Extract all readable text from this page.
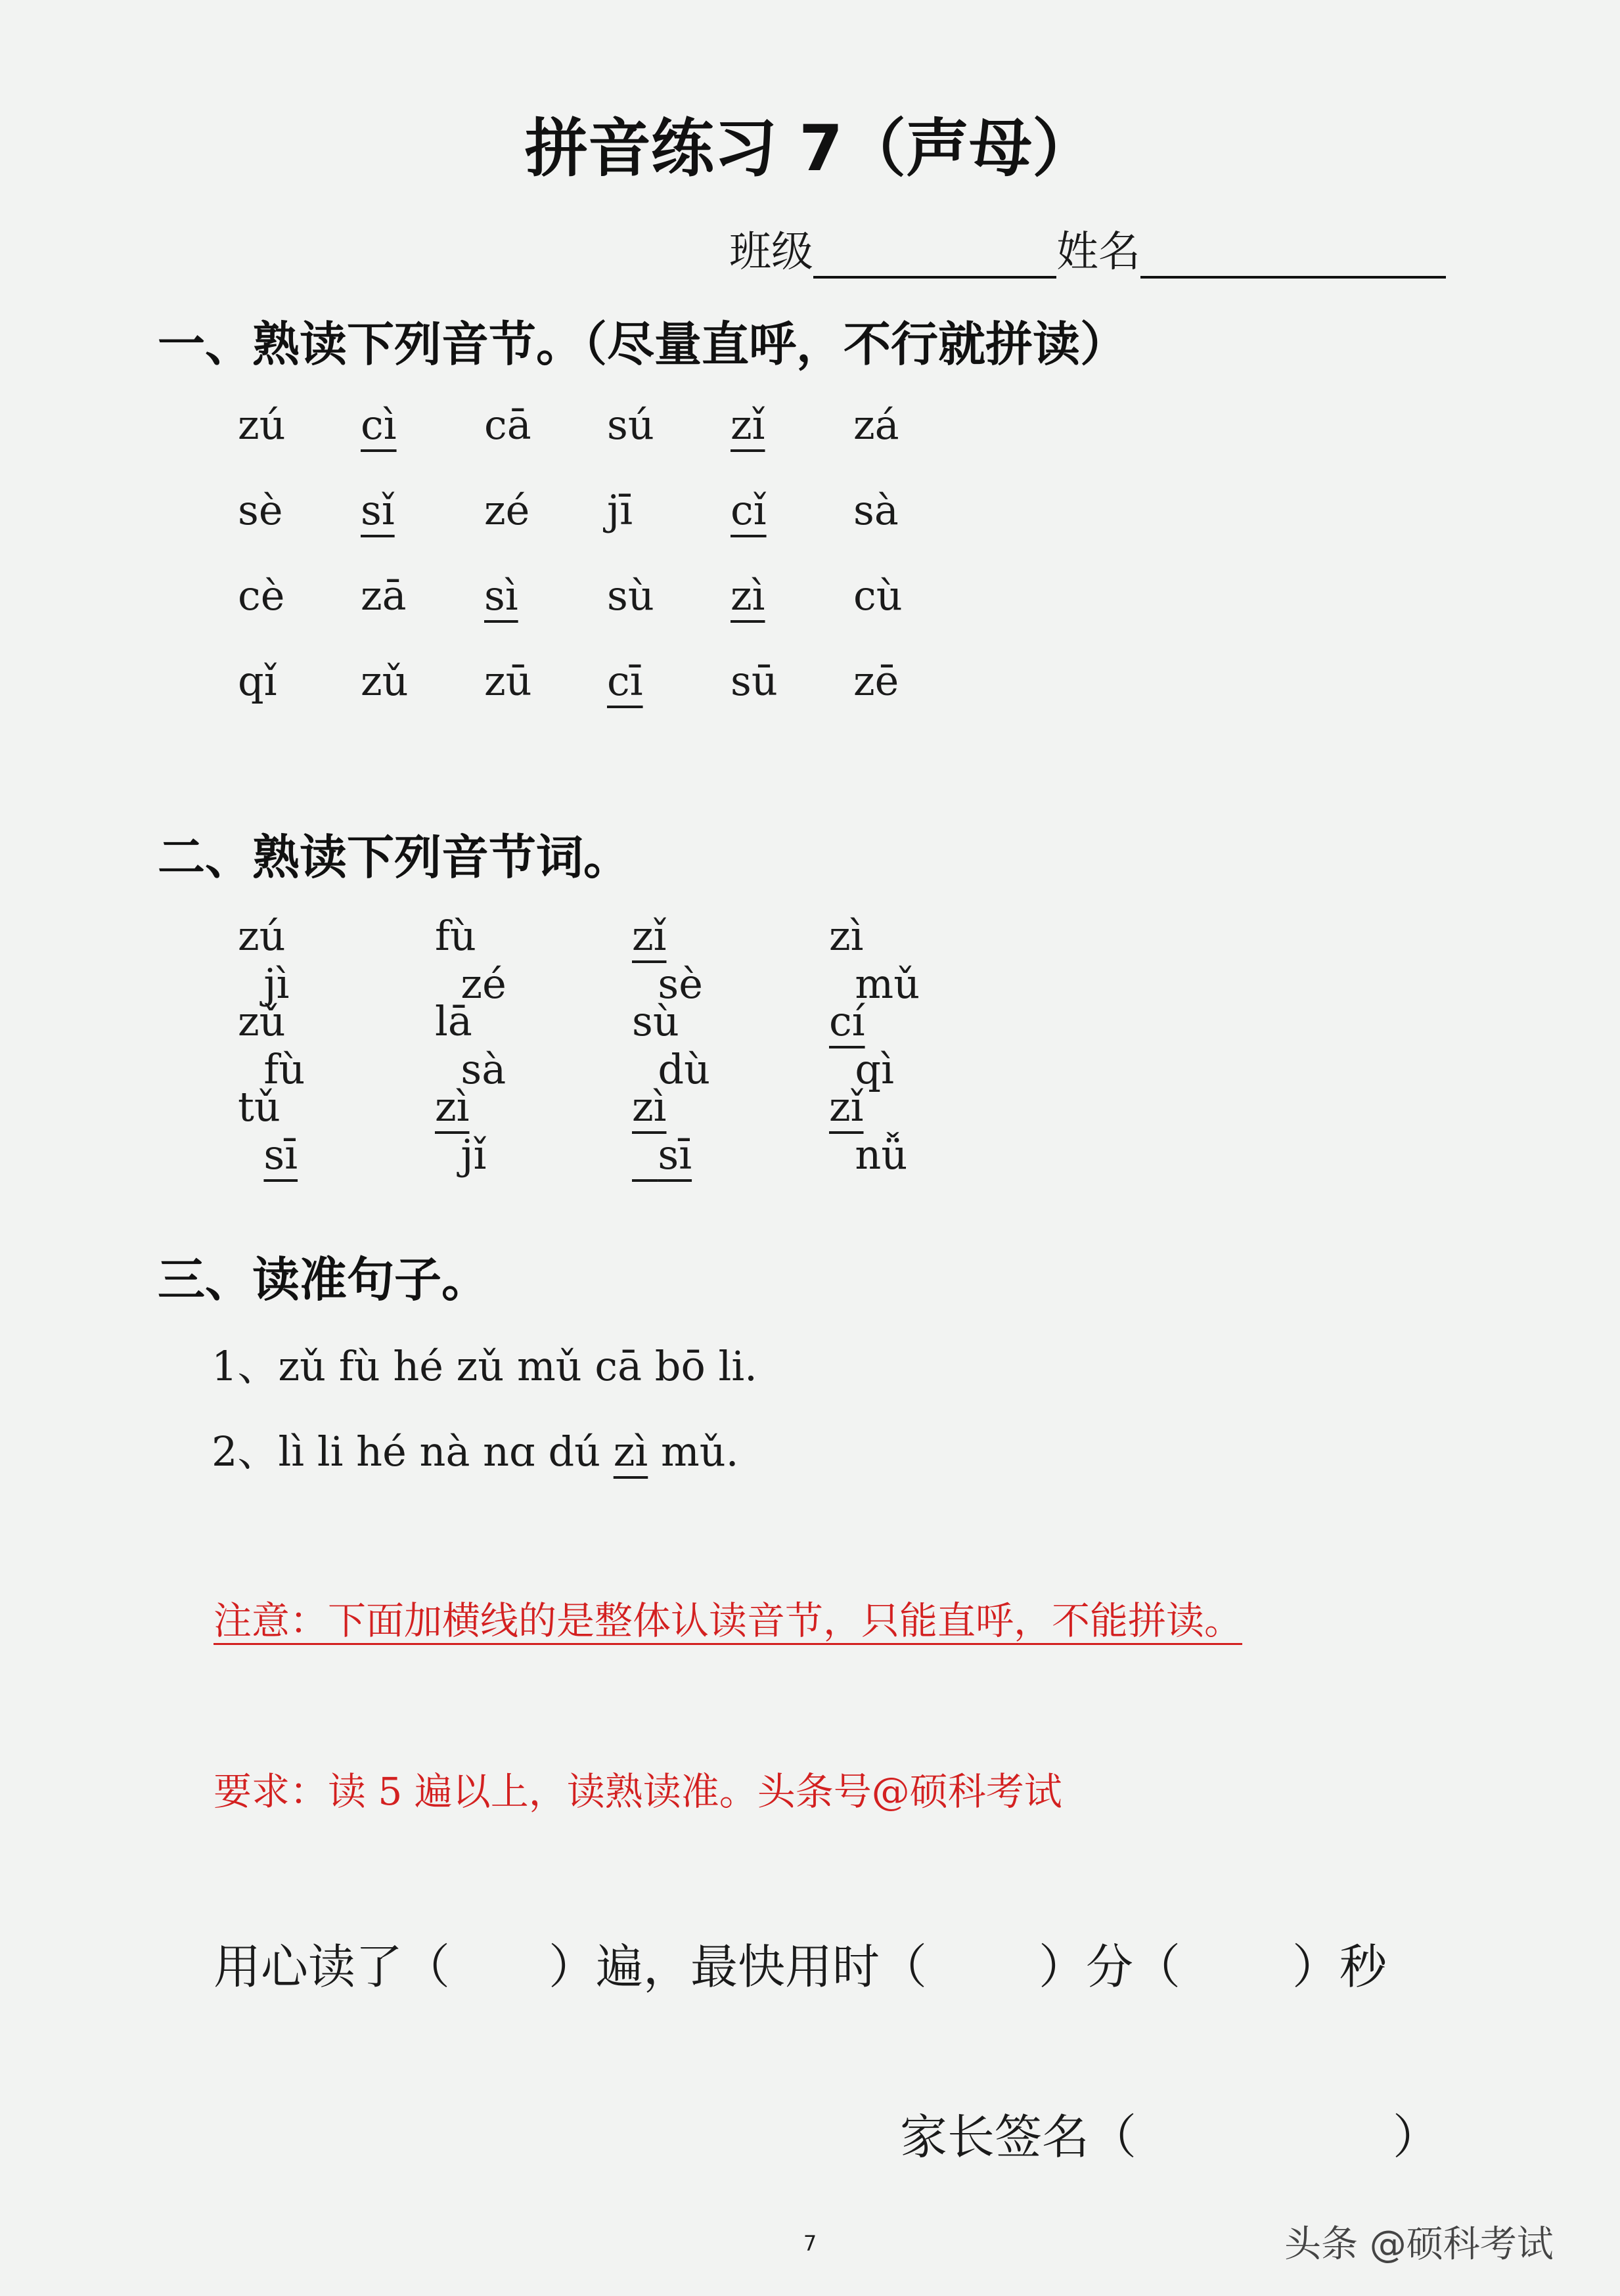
拼音练习 7（声母）
班级	姓名
一、熟读下列音节。（尽量直呼，不行就拼读）
zú cì cā sú zǐ zá
sè sǐ zé jī cǐ sà
cè zā sì sù zì cù
qǐ zǔ zū cī sū zē
二、熟读下列音节词。
zú  jì
fù  zé
zǐ  sè
zì  mǔ
zǔ  fù
lā  sà
sù  dù
cí  qì
tǔ  sī
zì  jǐ
zì  sī
zǐ  nǚ
三、读准句子。
1、zǔ fù hé zǔ mǔ cā bō li.
2、lì li hé nà nɑ dú zì mǔ.
注意：下面加横线的是整体认读音节，只能直呼，不能拼读。
要求：读 5 遍以上，读熟读准。头条号@硕科考试
用心读了（ ）遍，最快用时（ ）分（ ）秒
家长签名（	）
7	头条 @硕科考试
